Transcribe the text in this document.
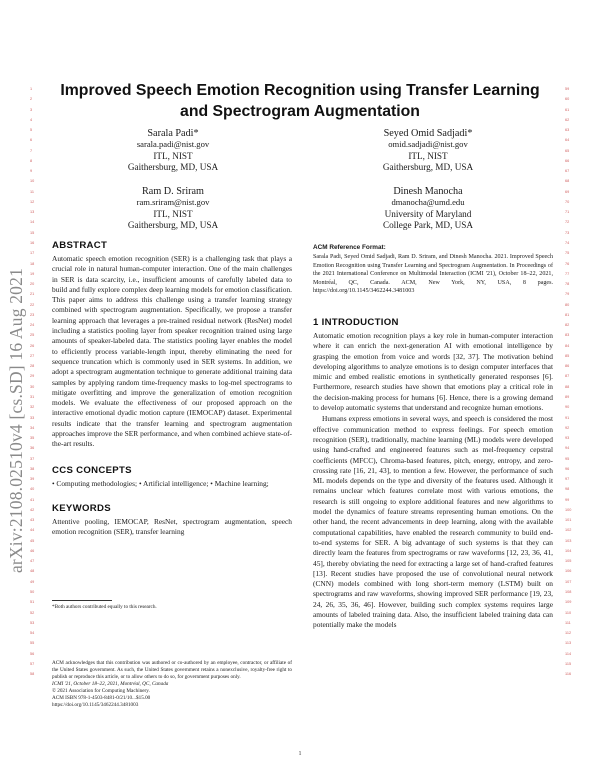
arXiv:2108.02510v4 [cs.SD] 16 Aug 2021
1
2
3
4
5
6
7
8
9
10
11
12
13
14
15
16
17
18
19
20
21
22
23
24
25
26
27
28
29
30
31
32
33
34
35
36
37
38
39
40
41
42
43
44
45
46
47
48
49
50
51
52
53
54
55
56
57
58
59
60
61
62
63
64
65
66
67
68
69
70
71
72
73
74
75
76
77
78
79
80
81
82
83
84
85
86
87
88
89
90
91
92
93
94
95
96
97
98
99
100
101
102
103
104
105
106
107
108
109
110
111
112
113
114
115
116
Improved Speech Emotion Recognition using Transfer Learning
and Spectrogram Augmentation
Sarala Padi*
sarala.padi@nist.gov
ITL, NIST
Gaithersburg, MD, USA
Seyed Omid Sadjadi*
omid.sadjadi@nist.gov
ITL, NIST
Gaithersburg, MD, USA
Ram D. Sriram
ram.sriram@nist.gov
ITL, NIST
Gaithersburg, MD, USA
Dinesh Manocha
dmanocha@umd.edu
University of Maryland
College Park, MD, USA
ABSTRACT

Automatic speech emotion recognition (SER) is a challenging task that plays a crucial role in natural human-computer interaction. One of the main challenges in SER is data scarcity, i.e., insufficient amounts of carefully labeled data to build and fully explore complex deep learning models for emotion classification. This paper aims to address this challenge using a transfer learning strategy combined with spectrogram augmentation. Specifically, we propose a transfer learning approach that leverages a pre-trained residual network (ResNet) model including a statistics pooling layer from speaker recognition trained using large amounts of speaker-labeled data. The statistics pooling layer enables the model to efficiently process variable-length input, thereby eliminating the need for sequence truncation which is commonly used in SER systems. In addition, we adopt a spectrogram augmentation technique to generate additional training data samples by applying random time-frequency masks to log-mel spectrograms to mitigate overfitting and improve the generalization of emotion recognition models. We evaluate the effectiveness of our proposed approach on the interactive emotional dyadic motion capture (IEMOCAP) dataset. Experimental results indicate that the transfer learning and spectrogram augmentation approaches improve the SER performance, and when combined achieve state-of-the-art results.

CCS CONCEPTS

• Computing methodologies; • Artificial intelligence; • Machine learning;

KEYWORDS

Attentive pooling, IEMOCAP, ResNet, spectrogram augmentation, speech emotion recognition (SER), transfer learning

*Both authors contributed equally to this research.

ACM acknowledges that this contribution was authored or co-authored by an employee, contractor, or affiliate of the United States government. As such, the United States government retains a nonexclusive, royalty-free right to publish or reproduce this article, or to allow others to do so, for government purposes only.

ICMI '21, October 18–22, 2021, Montréal, QC, Canada

© 2021 Association for Computing Machinery.

ACM ISBN 978-1-4503-8481-0/21/10...$15.00

https://doi.org/10.1145/3462244.3481003

ACM Reference Format:

Sarala Padi, Seyed Omid Sadjadi, Ram D. Sriram, and Dinesh Manocha. 2021. Improved Speech Emotion Recognition using Transfer Learning and Spectrogram Augmentation. In Proceedings of the 2021 International Conference on Multimodal Interaction (ICMI '21), October 18–22, 2021, Montréal, QC, Canada. ACM, New York, NY, USA, 8 pages. https://doi.org/10.1145/3462244.3481003

1 INTRODUCTION

Automatic emotion recognition plays a key role in human-computer interaction where it can enrich the next-generation AI with emotional intelligence by grasping the emotion from voice and words [32, 37]. The motivation behind developing algorithms to analyze emotions is to design computer interfaces that mimic and embed realistic emotions in synthetically generated responses [6]. Furthermore, research studies have shown that emotions play a critical role in the decision-making process for humans [6]. Hence, there is a growing demand to develop automatic systems that understand and recognize human emotions.

Humans express emotions in several ways, and speech is considered the most effective communication method to express feelings. For speech emotion recognition (SER), traditionally, machine learning (ML) models were developed using hand-crafted and engineered features such as mel-frequency cepstral coefficients (MFCC), Chroma-based features, pitch, energy, entropy, and zero-crossing rate [16, 21, 43], to mention a few. However, the performance of such ML models depends on the type and diversity of the features used. Although it remains unclear which features correlate most with various emotions, the research is still ongoing to explore additional features and new algorithms to model the dynamics of feature streams representing human emotions. On the other hand, the recent advancements in deep learning, along with the available computational capabilities, have enabled the research community to build end-to-end systems for SER. A big advantage of such systems is that they can directly learn the features from spectrograms or raw waveforms [12, 23, 36, 41, 45], thereby obviating the need for extracting a large set of hand-crafted features [13]. Recent studies have proposed the use of convolutional neural network (CNN) models combined with long short-term memory (LSTM) built on spectrograms and raw waveforms, showing improved SER performance [19, 23, 24, 26, 35, 36, 46]. However, building such complex systems requires large amounts of labeled training data. Also, the insufficient labeled training data can potentially make the models

1
